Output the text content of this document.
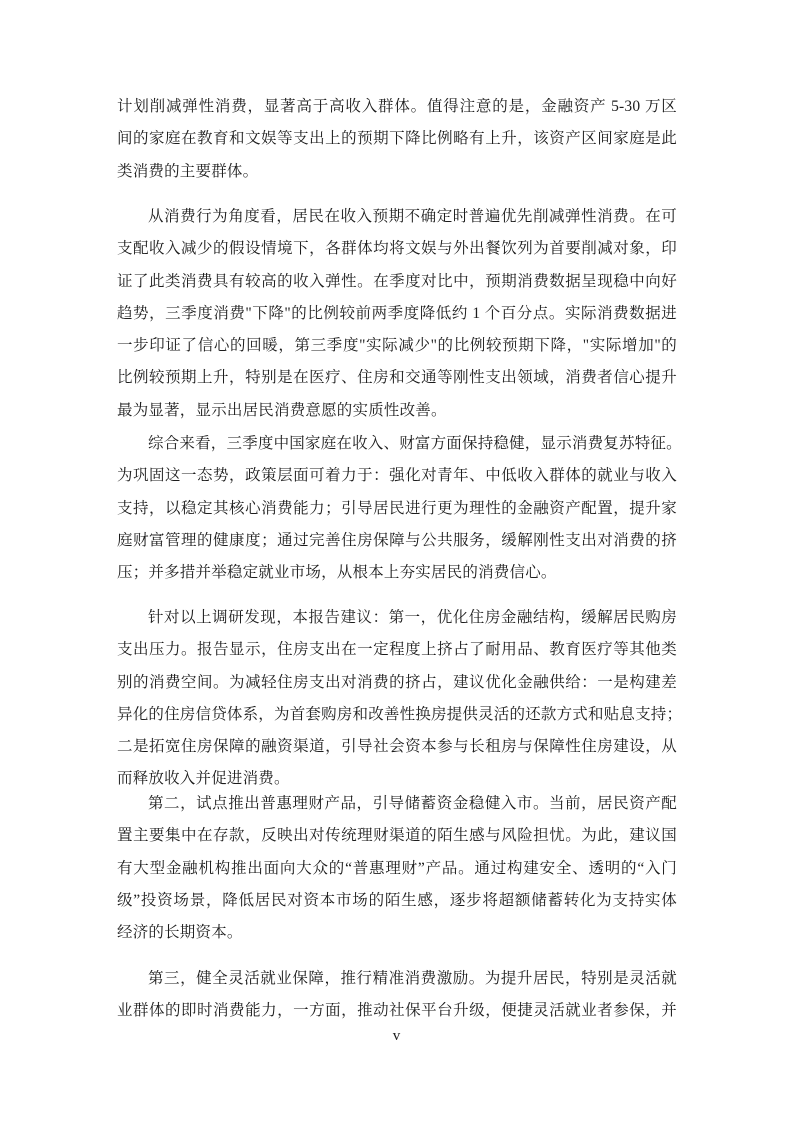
计划削减弹性消费，显著高于高收入群体。值得注意的是，金融资产 5-30 万区
间的家庭在教育和文娱等支出上的预期下降比例略有上升，该资产区间家庭是此
类消费的主要群体。
从消费行为角度看，居民在收入预期不确定时普遍优先削减弹性消费。在可
支配收入减少的假设情境下，各群体均将文娱与外出餐饮列为首要削减对象，印
证了此类消费具有较高的收入弹性。在季度对比中，预期消费数据呈现稳中向好
趋势，三季度消费"下降"的比例较前两季度降低约 1 个百分点。实际消费数据进
一步印证了信心的回暖，第三季度"实际减少"的比例较预期下降，"实际增加"的
比例较预期上升，特别是在医疗、住房和交通等刚性支出领域，消费者信心提升
最为显著，显示出居民消费意愿的实质性改善。
综合来看，三季度中国家庭在收入、财富方面保持稳健，显示消费复苏特征。
为巩固这一态势，政策层面可着力于：强化对青年、中低收入群体的就业与收入
支持，以稳定其核心消费能力；引导居民进行更为理性的金融资产配置，提升家
庭财富管理的健康度；通过完善住房保障与公共服务，缓解刚性支出对消费的挤
压；并多措并举稳定就业市场，从根本上夯实居民的消费信心。
针对以上调研发现，本报告建议：第一，优化住房金融结构，缓解居民购房
支出压力。报告显示，住房支出在一定程度上挤占了耐用品、教育医疗等其他类
别的消费空间。为减轻住房支出对消费的挤占，建议优化金融供给：一是构建差
异化的住房信贷体系，为首套购房和改善性换房提供灵活的还款方式和贴息支持；
二是拓宽住房保障的融资渠道，引导社会资本参与长租房与保障性住房建设，从
而释放收入并促进消费。
第二，试点推出普惠理财产品，引导储蓄资金稳健入市。当前，居民资产配
置主要集中在存款，反映出对传统理财渠道的陌生感与风险担忧。为此，建议国
有大型金融机构推出面向大众的“普惠理财”产品。通过构建安全、透明的“入门
级”投资场景，降低居民对资本市场的陌生感，逐步将超额储蓄转化为支持实体
经济的长期资本。
第三，健全灵活就业保障，推行精准消费激励。为提升居民，特别是灵活就
业群体的即时消费能力，一方面，推动社保平台升级，便捷灵活就业者参保，并
v
